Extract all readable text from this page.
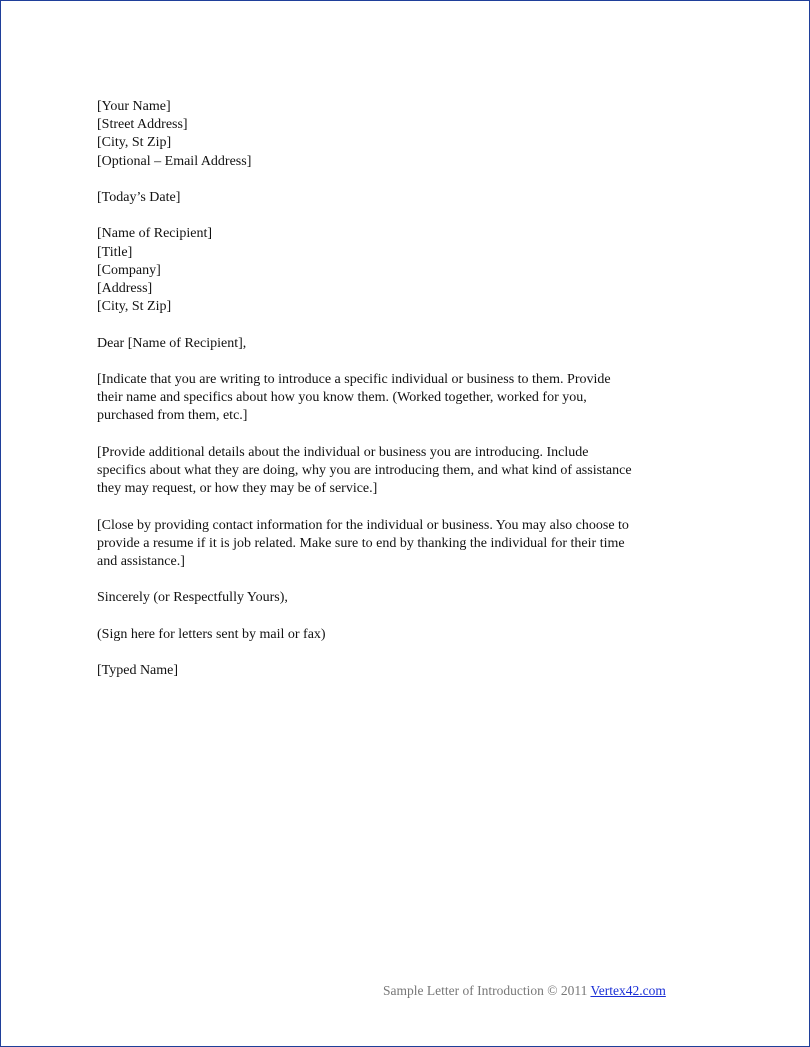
[Your Name]
[Street Address]
[City, St Zip]
[Optional – Email Address]
[Today’s Date]
[Name of Recipient]
[Title]
[Company]
[Address]
[City, St Zip]
Dear [Name of Recipient],
[Indicate that you are writing to introduce a specific individual or business to them. Provide
their name and specifics about how you know them. (Worked together, worked for you,
purchased from them, etc.]
[Provide additional details about the individual or business you are introducing. Include
specifics about what they are doing, why you are introducing them, and what kind of assistance
they may request, or how they may be of service.]
[Close by providing contact information for the individual or business. You may also choose to
provide a resume if it is job related. Make sure to end by thanking the individual for their time
and assistance.]
Sincerely (or Respectfully Yours),
(Sign here for letters sent by mail or fax)
[Typed Name]
Sample Letter of Introduction © 2011 Vertex42.com
